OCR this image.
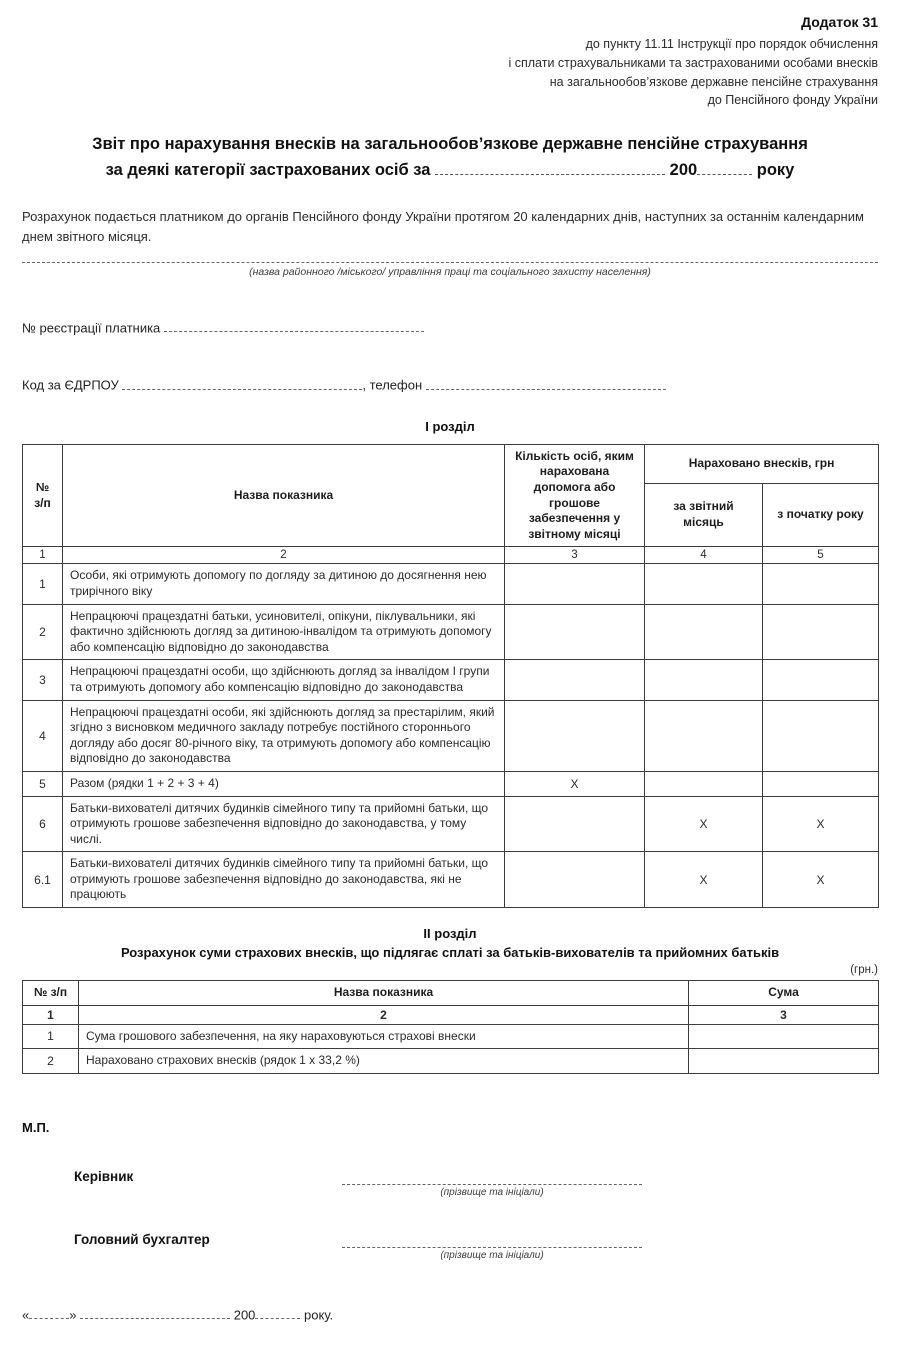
Додаток 31
до пункту 11.11 Інструкції про порядок обчислення
і сплати страхувальниками та застрахованими особами внесків
на загальнообов’язкове державне пенсійне страхування
до Пенсійного фонду України
Звіт про нарахування внесків на загальнообов’язкове державне пенсійне страхування
за деякі категорії застрахованих осіб за	200	року

Розрахунок подається платником до органів Пенсійного фонду України протягом 20 календарних днів, наступних за останнім календарним днем звітного місяця.

(назва районного /міського/ управління праці та соціального захисту населення)
№ реєстрації платника
Код за ЄДРПОУ	, телефон
І розділ
№ з/п	Назва показника	Кількість осіб, яким нарахована допомога або грошове забезпечення у звітному місяці	Нараховано внесків, грн	
			за звітний місяць	з початку року
1	2	3	4	5
1	Особи, які отримують допомогу по догляду за дитиною до досягнення нею трирічного віку			
2	Непрацюючі працездатні батьки, усиновителі, опікуни, піклувальники, які фактично здійснюють догляд за дитиною-інвалідом та отримують допомогу або компенсацію відповідно до законодавства			
3	Непрацюючі працездатні особи, що здійснюють догляд за інвалідом І групи та отримують допомогу або компенсацію відповідно до законодавства			
4	Непрацюючі працездатні особи, які здійснюють догляд за престарілим, який згідно з висновком медичного закладу потребує постійного стороннього догляду або досяг 80-річного віку, та отримують допомогу або компенсацію відповідно до законодавства			
5	Разом (рядки 1 + 2 + 3 + 4)	X		
6	Батьки-вихователі дитячих будинків сімейного типу та прийомні батьки, що отримують грошове забезпечення відповідно до законодавства, у тому числі.		X	X
6.1	Батьки-вихователі дитячих будинків сімейного типу та прийомні батьки, що отримують грошове забезпечення відповідно до законодавства, які не працюють		X	X
ІІ розділ
Розрахунок суми страхових внесків, що підлягає сплаті за батьків-вихователів та прийомних батьків
(грн.)
№ з/п	Назва показника	Сума
1	2	3
1	Сума грошового забезпечення, на яку нараховуються страхові внески	
2	Нараховано страхових внесків (рядок 1 х 33,2 %)	
М.П.
Керівник
(прізвище та ініціали)
Головний бухгалтер
(прізвище та ініціали)
«	»	200	року.
